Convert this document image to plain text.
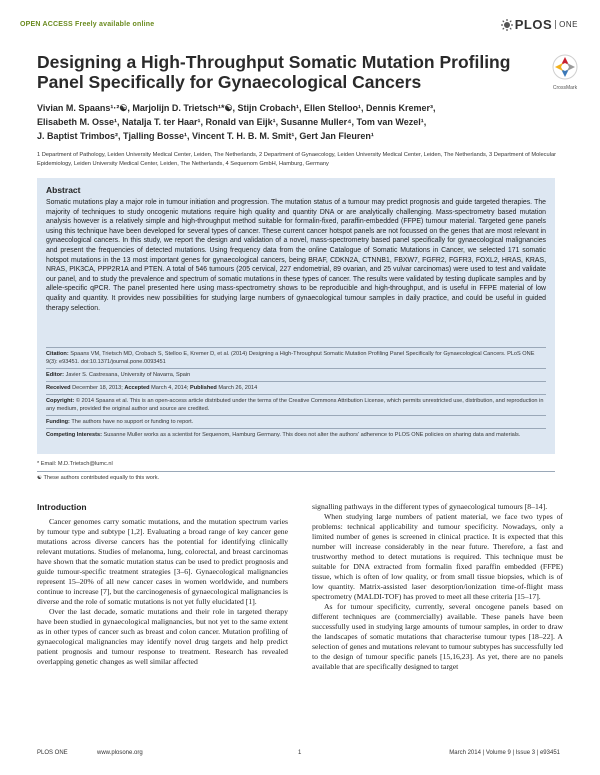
OPEN ACCESS Freely available online	PLOS ONE
Designing a High-Throughput Somatic Mutation Profiling Panel Specifically for Gynaecological Cancers	CrossMark
Vivian M. Spaans¹·²☯, Marjolijn D. Trietsch¹*☯, Stijn Crobach¹, Ellen Stelloo¹, Dennis Kremer³,
Elisabeth M. Osse¹, Natalja T. ter Haar¹, Ronald van Eijk¹, Susanne Muller⁴, Tom van Wezel¹,
J. Baptist Trimbos², Tjalling Bosse¹, Vincent T. H. B. M. Smit¹, Gert Jan Fleuren¹

1 Department of Pathology, Leiden University Medical Center, Leiden, The Netherlands, 2 Department of Gynaecology, Leiden University Medical Center, Leiden, The Netherlands, 3 Department of Molecular Epidemiology, Leiden University Medical Center, Leiden, The Netherlands, 4 Sequenom GmbH, Hamburg, Germany

Abstract

Somatic mutations play a major role in tumour initiation and progression. The mutation status of a tumour may predict prognosis and guide targeted therapies. The majority of techniques to study oncogenic mutations require high quality and quantity DNA or are analytically challenging. Mass-spectrometry based mutation analysis however is a relatively simple and high-throughput method suitable for formalin-fixed, paraffin-embedded (FFPE) tumour material. Targeted gene panels using this technique have been developed for several types of cancer. These current cancer hotspot panels are not focussed on the genes that are most relevant in gynaecological cancers. In this study, we report the design and validation of a novel, mass-spectrometry based panel specifically for gynaecological malignancies and present the frequencies of detected mutations. Using frequency data from the online Catalogue of Somatic Mutations in Cancer, we selected 171 somatic hotspot mutations in the 13 most important genes for gynaecological cancers, being BRAF, CDKN2A, CTNNB1, FBXW7, FGFR2, FGFR3, FOXL2, HRAS, KRAS, NRAS, PIK3CA, PPP2R1A and PTEN. A total of 546 tumours (205 cervical, 227 endometrial, 89 ovarian, and 25 vulvar carcinomas) were used to test and validate our panel, and to study the prevalence and spectrum of somatic mutations in these types of cancer. The results were validated by testing duplicate samples and by allele-specific qPCR. The panel presented here using mass-spectrometry shows to be reproducible and high-throughput, and is useful in FFPE material of low quality and quantity. It provides new possibilities for studying large numbers of gynaecological tumour samples in daily practice, and could be useful in guided therapy selection.

Citation: Spaans VM, Trietsch MD, Crobach S, Stelloo E, Kremer D, et al. (2014) Designing a High-Throughput Somatic Mutation Profiling Panel Specifically for Gynaecological Cancers. PLoS ONE 9(3): e93451. doi:10.1371/journal.pone.0093451

Editor: Javier S. Castresana, University of Navarra, Spain

Received December 18, 2013; Accepted March 4, 2014; Published March 26, 2014

Copyright: © 2014 Spaans et al. This is an open-access article distributed under the terms of the Creative Commons Attribution License, which permits unrestricted use, distribution, and reproduction in any medium, provided the original author and source are credited.

Funding: The authors have no support or funding to report.

Competing Interests: Susanne Muller works as a scientist for Sequenom, Hamburg Germany. This does not alter the authors' adherence to PLOS ONE policies on sharing data and materials.

* Email: M.D.Trietsch@lumc.nl

☯ These authors contributed equally to this work.

Introduction

Cancer genomes carry somatic mutations, and the mutation spectrum varies by tumour type and subtype [1,2]. Evaluating a broad range of key cancer gene mutations across diverse cancers has the potential for identifying clinically relevant mutations. Studies of melanoma, lung, colorectal, and breast carcinomas have shown that the somatic mutation status can be used to predict prognosis and guide tumour-specific treatment strategies [3–6]. Gynaecological malignancies represent 15–20% of all new cancer cases in women worldwide, and numbers continue to increase [7], but the carcinogenesis of gynaecological malignancies is diverse and the role of somatic mutations is not yet fully elucidated [1].

Over the last decade, somatic mutations and their role in targeted therapy have been studied in gynaecological malignancies, but not yet to the same extent as in other types of cancer such as breast and colon cancer. Mutation profiling of gynaecological malignancies may identify novel drug targets and help predict patient prognosis and tumour response to treatment. Research has revealed overlapping genetic changes as well similar affected

signalling pathways in the different types of gynaecological tumours [8–14].

When studying large numbers of patient material, we face two types of problems: technical applicability and tumour specificity. Nowadays, only a limited number of genes is screened in clinical practice. It is expected that this number will increase considerably in the near future. Therefore, a fast and trustworthy method to detect mutations is required. This technique must be suitable for DNA extracted from formalin fixed paraffin embedded (FFPE) tissue, which is often of low quality, or from small tissue biopsies, which is of low quantity. Matrix-assisted laser desorption/ionization time-of-flight mass spectrometry (MALDI-TOF) has proved to meet all these criteria [15–17].

As for tumour specificity, currently, several oncogene panels based on different techniques are (commercially) available. These panels have been successfully used in studying large amounts of tumour samples, in order to draw the landscapes of somatic mutations that characterise tumour types [18–22]. A selection of genes and mutations relevant to tumour subtypes has successfully led to the design of tumour specific panels [15,16,23]. As yet, there are no panels available that are specifically designed to target

PLOS ONE	www.plosone.org	1	March 2014 | Volume 9 | Issue 3 | e93451
